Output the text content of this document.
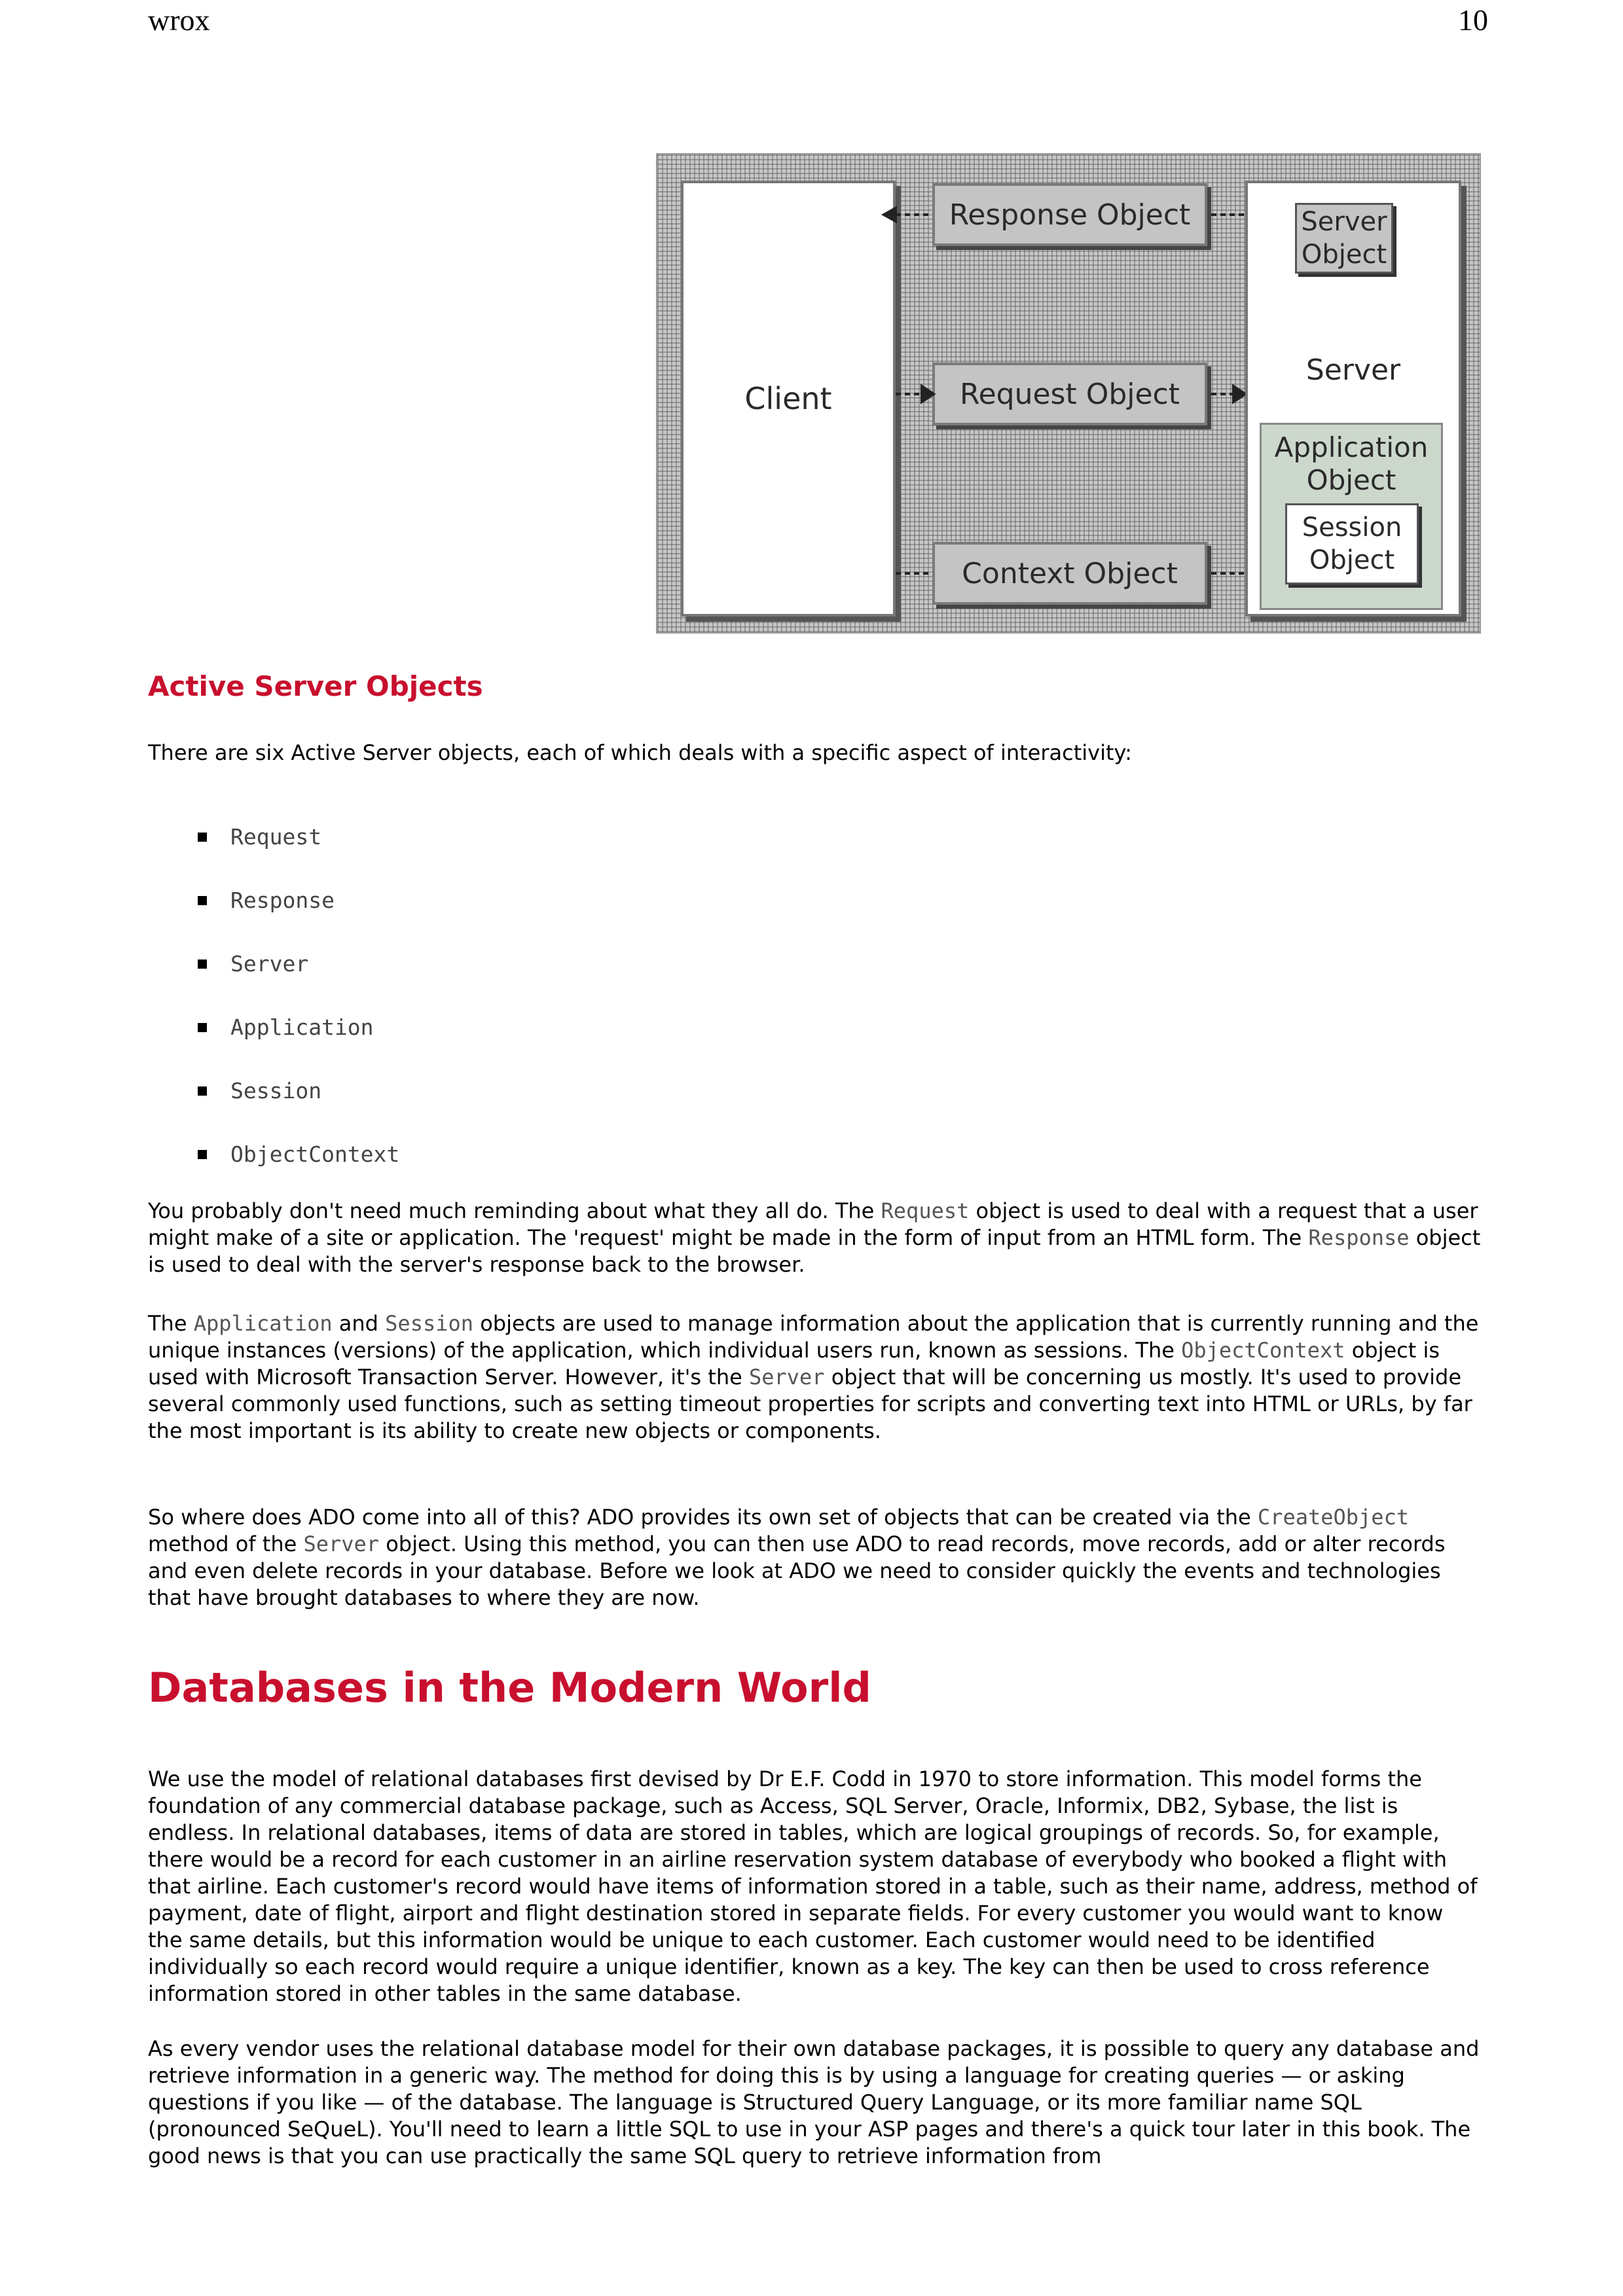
wrox	10
Client
Response Object
Request Object
Context Object
Server Object
Server
Application Object
Session Object
Active Server Objects
There are six Active Server objects, each of which deals with a specific aspect of interactivity:
Request
Response
Server
Application
Session
ObjectContext
You probably don't need much reminding about what they all do. The Request object is used to deal with a request that a user might make of a site or application. The 'request' might be made in the form of input from an HTML form. The Response object is used to deal with the server's response back to the browser.
The Application and Session objects are used to manage information about the application that is currently running and the unique instances (versions) of the application, which individual users run, known as sessions. The ObjectContext object is used with Microsoft Transaction Server. However, it's the Server object that will be concerning us mostly. It's used to provide several commonly used functions, such as setting timeout properties for scripts and converting text into HTML or URLs, by far the most important is its ability to create new objects or components.
So where does ADO come into all of this? ADO provides its own set of objects that can be created via the CreateObject method of the Server object. Using this method, you can then use ADO to read records, move records, add or alter records and even delete records in your database. Before we look at ADO we need to consider quickly the events and technologies that have brought databases to where they are now.
Databases in the Modern World
We use the model of relational databases first devised by Dr E.F. Codd in 1970 to store information. This model forms the foundation of any commercial database package, such as Access, SQL Server, Oracle, Informix, DB2, Sybase, the list is endless. In relational databases, items of data are stored in tables, which are logical groupings of records. So, for example, there would be a record for each customer in an airline reservation system database of everybody who booked a flight with that airline. Each customer's record would have items of information stored in a table, such as their name, address, method of payment, date of flight, airport and flight destination stored in separate fields. For every customer you would want to know the same details, but this information would be unique to each customer. Each customer would need to be identified individually so each record would require a unique identifier, known as a key. The key can then be used to cross reference information stored in other tables in the same database.
As every vendor uses the relational database model for their own database packages, it is possible to query any database and retrieve information in a generic way. The method for doing this is by using a language for creating queries — or asking questions if you like — of the database. The language is Structured Query Language, or its more familiar name SQL (pronounced SeQueL). You'll need to learn a little SQL to use in your ASP pages and there's a quick tour later in this book. The good news is that you can use practically the same SQL query to retrieve information from
